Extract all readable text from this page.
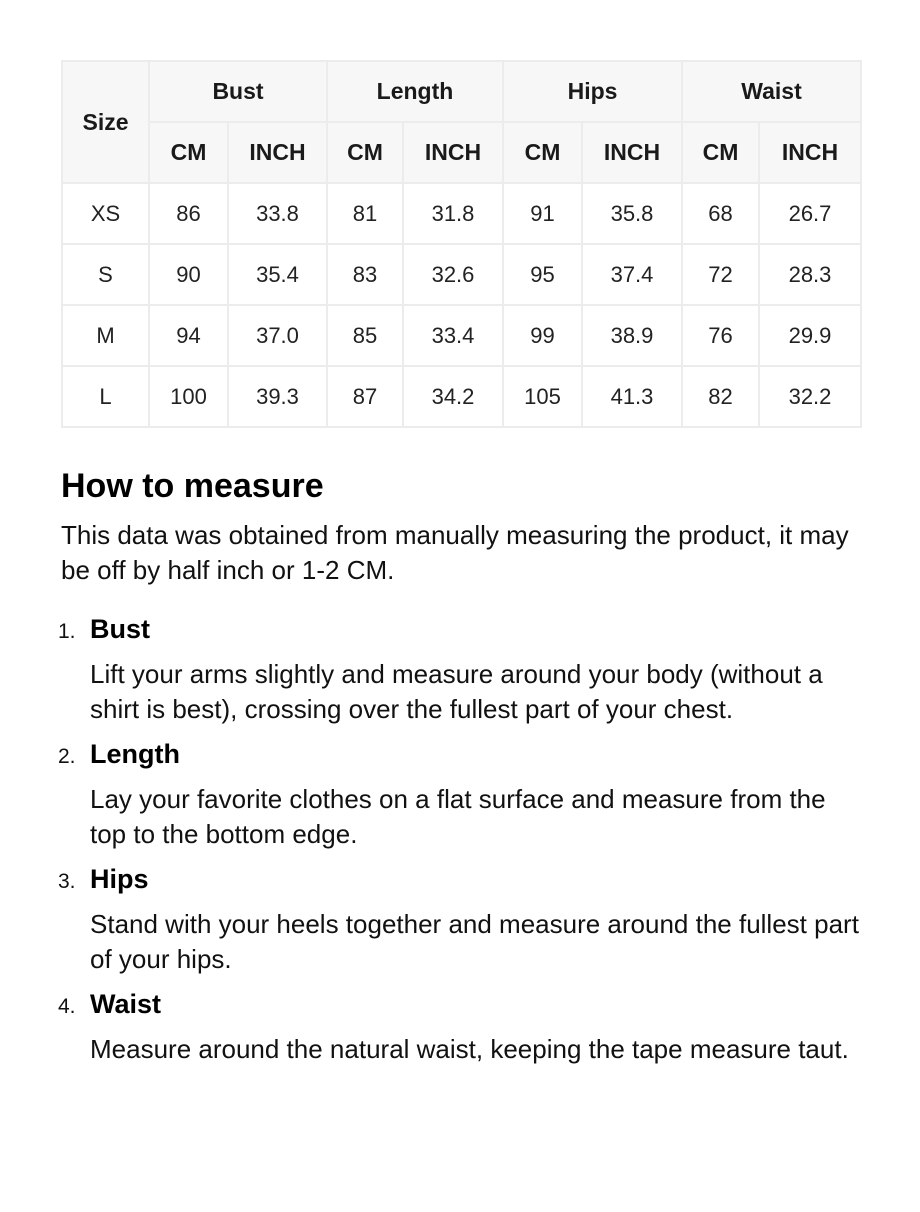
Size	Bust		Length		Hips		Waist	
	CM	INCH	CM	INCH	CM	INCH	CM	INCH
XS	86	33.8	81	31.8	91	35.8	68	26.7
S	90	35.4	83	32.6	95	37.4	72	28.3
M	94	37.0	85	33.4	99	38.9	76	29.9
L	100	39.3	87	34.2	105	41.3	82	32.2
How to measure

This data was obtained from manually measuring the product, it may be off by half inch or 1-2 CM.

1. Bust
Lift your arms slightly and measure around your body (without a shirt is best), crossing over the fullest part of your chest.
2. Length
Lay your favorite clothes on a flat surface and measure from the top to the bottom edge.
3. Hips
Stand with your heels together and measure around the fullest part of your hips.
4. Waist
Measure around the natural waist, keeping the tape measure taut.
